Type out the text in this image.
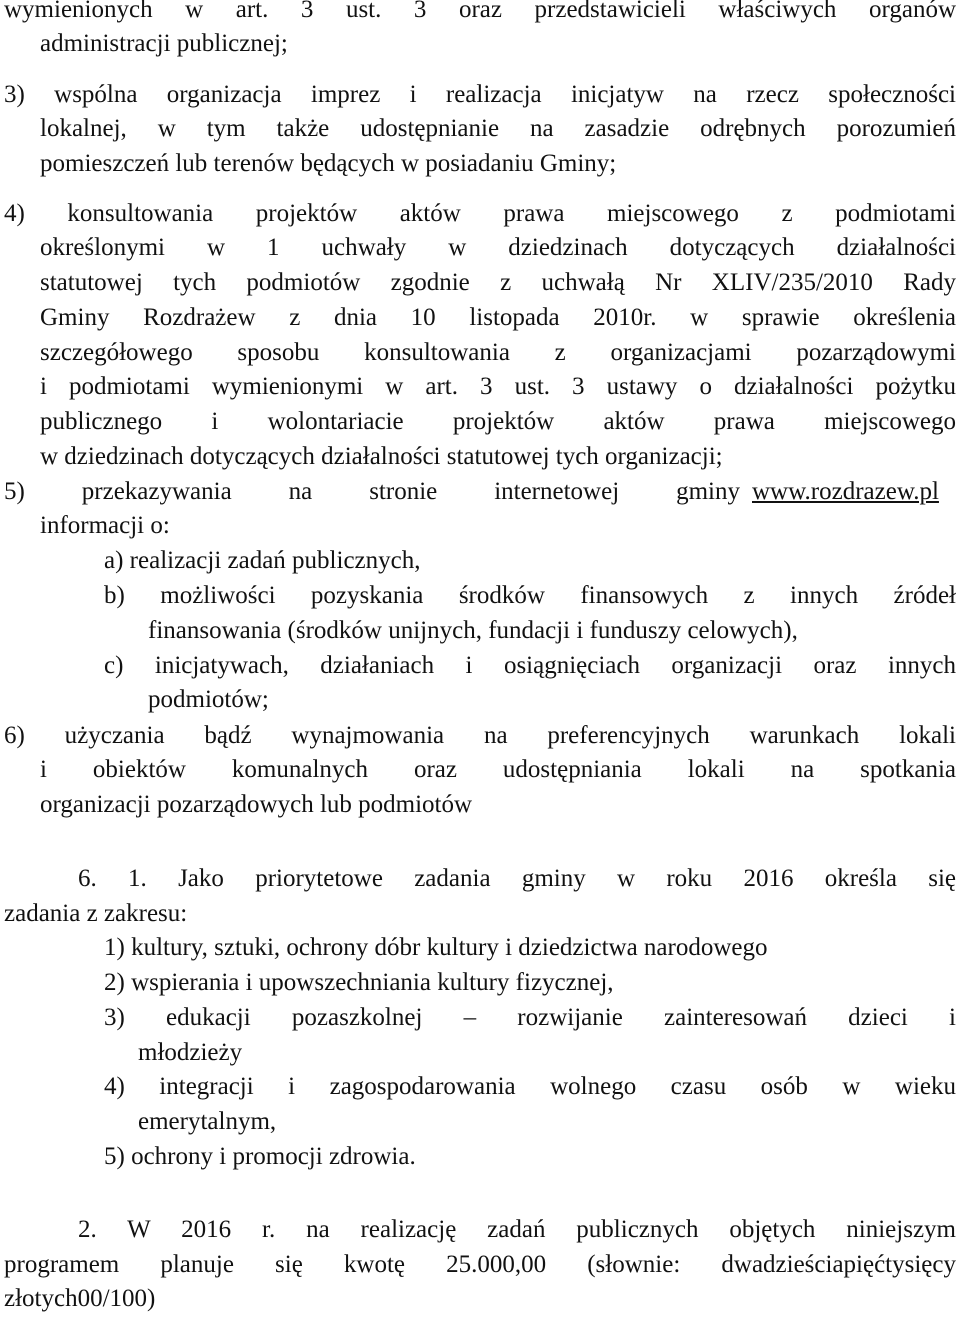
wymienionych w art. 3 ust. 3 oraz przedstawicieli właściwych organów
administracji publicznej;
3) wspólna organizacja imprez i realizacja inicjatyw na rzecz społeczności
lokalnej, w tym także udostępnianie na zasadzie odrębnych porozumień
pomieszczeń lub terenów będących w posiadaniu Gminy;
4) konsultowania projektów aktów prawa miejscowego z podmiotami
określonymi w 1 uchwały w dziedzinach dotyczących działalności
statutowej tych podmiotów zgodnie z uchwałą Nr XLIV/235/2010 Rady
Gminy Rozdrażew z dnia 10 listopada 2010r. w sprawie określenia
szczegółowego sposobu konsultowania z organizacjami pozarządowymi
i podmiotami wymienionymi w art. 3 ust. 3 ustawy o działalności pożytku
publicznego i wolontariacie projektów aktów prawa miejscowego
w dziedzinach dotyczących działalności statutowej tych organizacji;
5) przekazywania na stronie internetowej gminy www.rozdrazew.pl
informacji o:
a) realizacji zadań publicznych,
b) możliwości pozyskania środków finansowych z innych źródeł
finansowania (środków unijnych, fundacji i funduszy celowych),
c) inicjatywach, działaniach i osiągnięciach organizacji oraz innych
podmiotów;
6) użyczania bądź wynajmowania na preferencyjnych warunkach lokali
i obiektów komunalnych oraz udostępniania lokali na spotkania
organizacji pozarządowych lub podmiotów
6. 1. Jako priorytetowe zadania gminy w roku 2016 określa się
zadania z zakresu:
1) kultury, sztuki, ochrony dóbr kultury i dziedzictwa narodowego
2) wspierania i upowszechniania kultury fizycznej,
3) edukacji pozaszkolnej – rozwijanie zainteresowań dzieci i
młodzieży
4) integracji i zagospodarowania wolnego czasu osób w wieku
emerytalnym,
5) ochrony i promocji zdrowia.
2. W 2016 r. na realizację zadań publicznych objętych niniejszym
programem planuje się kwotę 25.000,00 (słownie: dwadzieściapięćtysięcy
złotych00/100)
